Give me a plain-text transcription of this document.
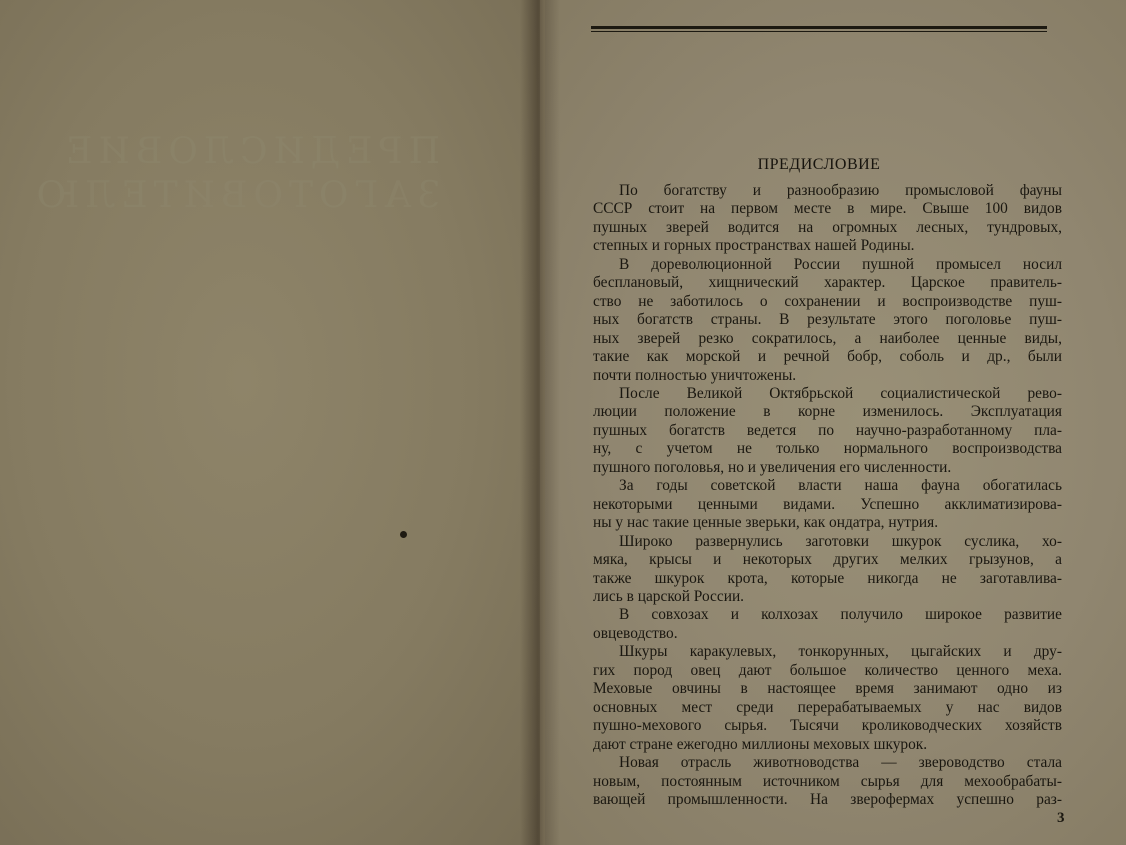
ПРЕДИСЛОВИЕ ЗАГОТОВИТЕЛЮ
ПРЕДИСЛОВИЕ
По богатству и разнообразию промысловой фауны
СССР стоит на первом месте в мире. Свыше 100 видов
пушных зверей водится на огромных лесных, тундровых,
степных и горных пространствах нашей Родины.
В дореволюционной России пушной промысел носил
бесплановый, хищнический характер. Царское правитель-
ство не заботилось о сохранении и воспроизводстве пуш-
ных богатств страны. В результате этого поголовье пуш-
ных зверей резко сократилось, а наиболее ценные виды,
такие как морской и речной бобр, соболь и др., были
почти полностью уничтожены.
После Великой Октябрьской социалистической рево-
люции положение в корне изменилось. Эксплуатация
пушных богатств ведется по научно-разработанному пла-
ну, с учетом не только нормального воспроизводства
пушного поголовья, но и увеличения его численности.
За годы советской власти наша фауна обогатилась
некоторыми ценными видами. Успешно акклиматизирова-
ны у нас такие ценные зверьки, как ондатра, нутрия.
Широко развернулись заготовки шкурок суслика, хо-
мяка, крысы и некоторых других мелких грызунов, а
также шкурок крота, которые никогда не заготавлива-
лись в царской России.
В совхозах и колхозах получило широкое развитие
овцеводство.
Шкуры каракулевых, тонкорунных, цыгайских и дру-
гих пород овец дают большое количество ценного меха.
Меховые овчины в настоящее время занимают одно из
основных мест среди перерабатываемых у нас видов
пушно-мехового сырья. Тысячи кролиководческих хозяйств
дают стране ежегодно миллионы меховых шкурок.
Новая отрасль животноводства — звероводство стала
новым, постоянным источником сырья для мехообрабаты-
вающей промышленности. На зверофермах успешно раз-
3
